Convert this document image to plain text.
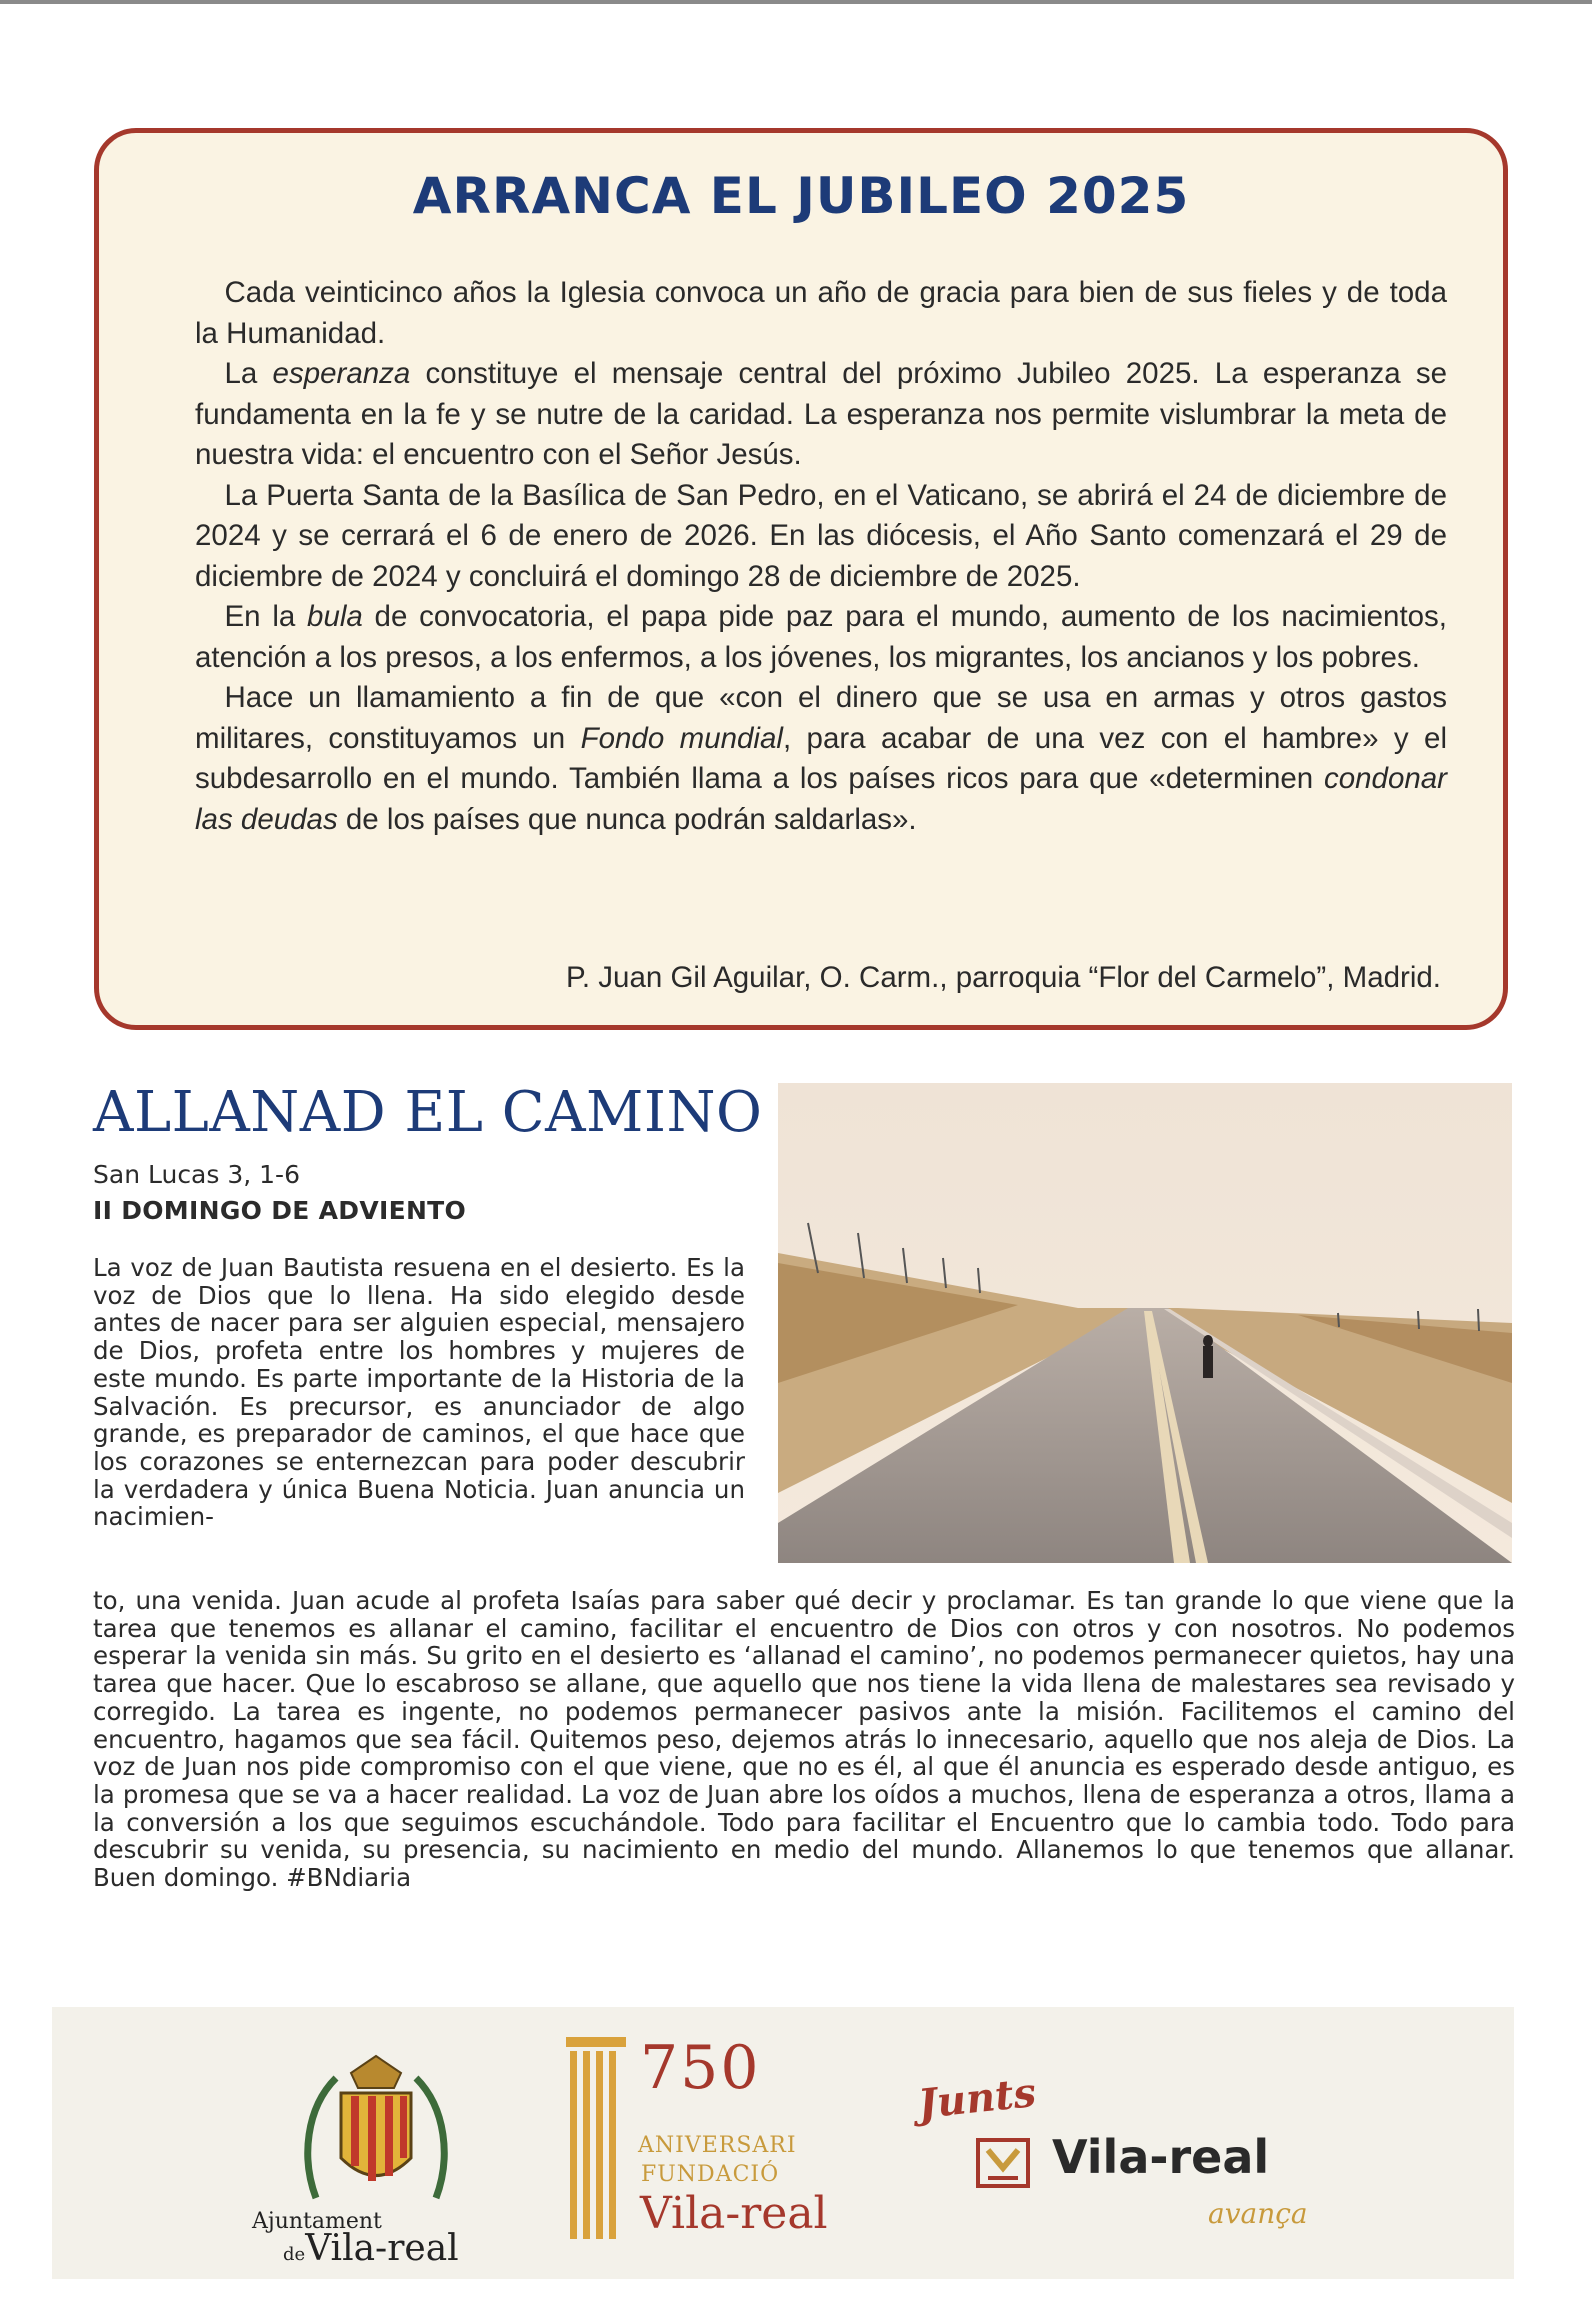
ARRANCA EL JUBILEO 2025

 Cada veinticinco años la Iglesia convoca un año de gracia para bien de sus fieles y de toda la Humanidad.

 La esperanza constituye el mensaje central del próximo Jubileo 2025. La esperanza se fundamenta en la fe y se nutre de la caridad. La esperanza nos permite vislumbrar la meta de nuestra vida: el encuentro con el Señor Jesús.

 La Puerta Santa de la Basílica de San Pedro, en el Vaticano, se abrirá el 24 de diciembre de 2024 y se cerrará el 6 de enero de 2026. En las diócesis, el Año Santo comenzará el 29 de diciembre de 2024 y concluirá el domingo 28 de diciembre de 2025.

 En la bula de convocatoria, el papa pide paz para el mundo, aumento de los nacimientos, atención a los presos, a los enfermos, a los jóvenes, los migrantes, los ancianos y los pobres.

 Hace un llamamiento a fin de que «con el dinero que se usa en armas y otros gastos militares, constituyamos un Fondo mundial, para acabar de una vez con el hambre» y el subdesarrollo en el mundo. También llama a los países ricos para que «determinen condonar las deudas de los países que nunca podrán saldarlas».

P. Juan Gil Aguilar, O. Carm., parroquia “Flor del Carmelo”, Madrid.
ALLANAD EL CAMINO
San Lucas 3, 1-6
II DOMINGO DE ADVIENTO
La voz de Juan Bautista resuena en el desierto. Es la voz de Dios que lo llena. Ha sido elegido desde antes de nacer para ser alguien especial, mensajero de Dios, profeta entre los hombres y mujeres de este mundo. Es parte importante de la Historia de la Salvación. Es precursor, es anunciador de algo grande, es preparador de caminos, el que hace que los corazones se enternezcan para poder descubrir la verdadera y única Buena Noticia. Juan anuncia un nacimien-
to, una venida. Juan acude al profeta Isaías para saber qué decir y proclamar. Es tan grande lo que viene que la tarea que tenemos es allanar el camino, facilitar el encuentro de Dios con otros y con nosotros. No podemos esperar la venida sin más. Su grito en el desierto es ‘allanad el camino’, no podemos permanecer quietos, hay una tarea que hacer. Que lo escabroso se allane, que aquello que nos tiene la vida llena de malestares sea revisado y corregido. La tarea es ingente, no podemos permanecer pasivos ante la misión. Facilitemos el camino del encuentro, hagamos que sea fácil. Quitemos peso, dejemos atrás lo innecesario, aquello que nos aleja de Dios. La voz de Juan nos pide compromiso con el que viene, que no es él, al que él anuncia es esperado desde antiguo, es la promesa que se va a hacer realidad. La voz de Juan abre los oídos a muchos, llena de esperanza a otros, llama a la conversión a los que seguimos escuchándole. Todo para facilitar el Encuentro que lo cambia todo. Todo para descubrir su venida, su presencia, su nacimiento en medio del mundo. Allanemos lo que tenemos que allanar. Buen domingo. #BNdiaria
Ajuntament
deVila-real
750
ANIVERSARI
FUNDACIÓ
Vila-real
Junts
Vila-real
avança
